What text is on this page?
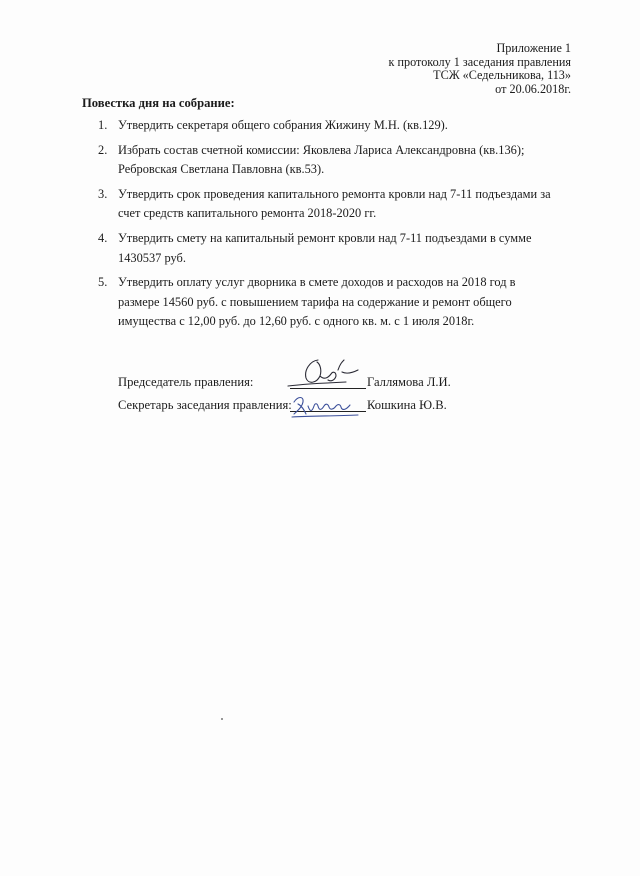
Приложение 1
к протоколу 1 заседания правления
ТСЖ «Седельникова, 113»
от 20.06.2018г.
Повестка дня на собрание:
1. Утвердить секретаря общего собрания Жижину М.Н. (кв.129).
2. Избрать состав счетной комиссии: Яковлева Лариса Александровна (кв.136);
Ребровская Светлана Павловна (кв.53).
3. Утвердить срок проведения капитального ремонта кровли над 7-11 подъездами за
счет средств капитального ремонта 2018-2020 гг.
4. Утвердить смету на капитальный ремонт кровли над 7-11 подъездами в сумме
1430537 руб.
5. Утвердить оплату услуг дворника в смете доходов и расходов на 2018 год в
размере 14560 руб. с повышением тарифа на содержание и ремонт общего
имущества с 12,00 руб. до 12,60 руб. с одного кв. м. с 1 июля 2018г.
Председатель правления:	Галлямова Л.И.
Секретарь заседания правления:	Кошкина Ю.В.
